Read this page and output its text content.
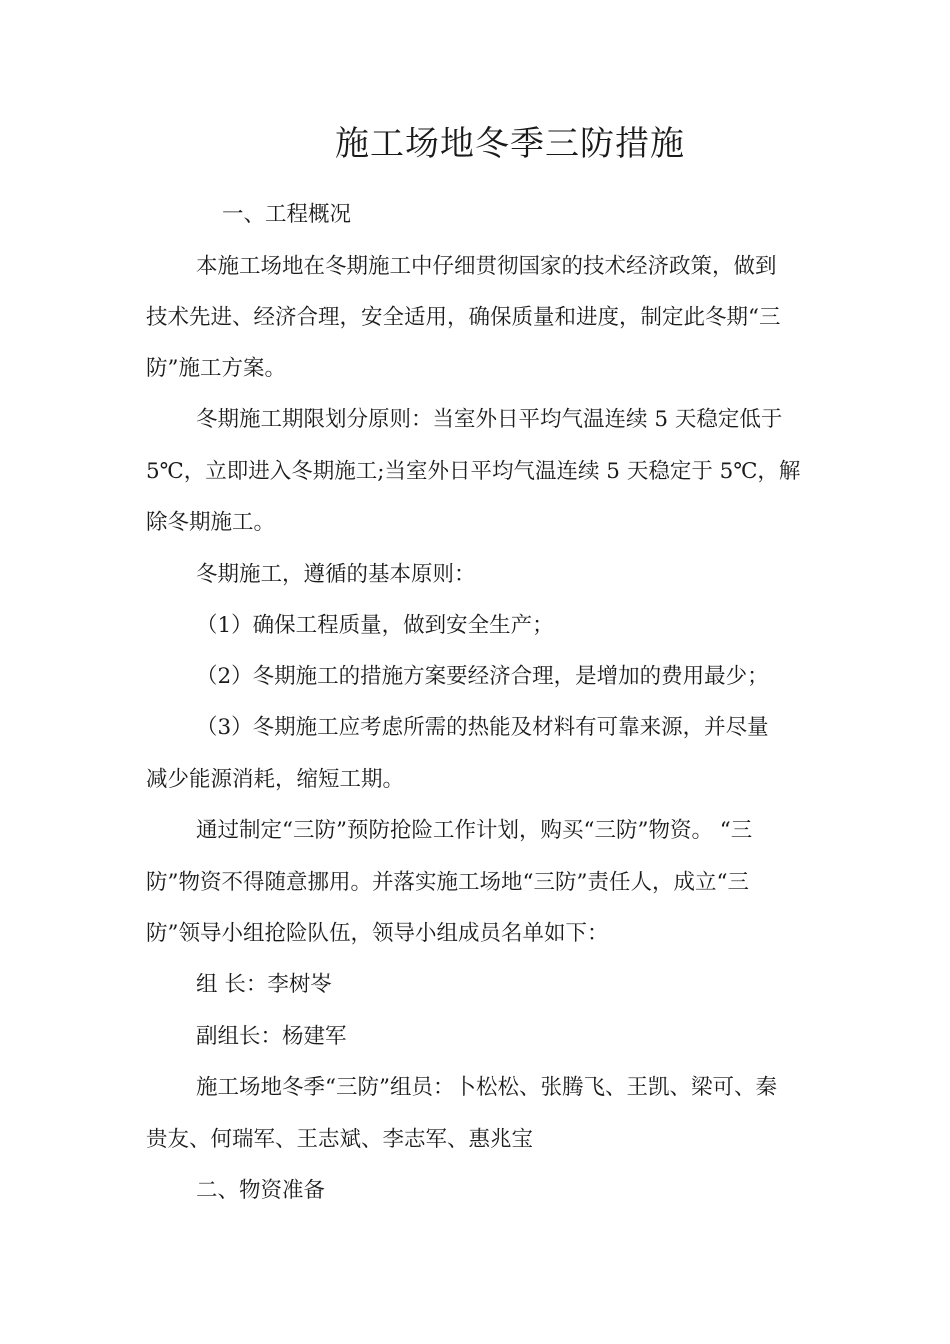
施工场地冬季三防措施

一、工程概况

本施工场地在冬期施工中仔细贯彻国家的技术经济政策，做到

技术先进、经济合理，安全适用，确保质量和进度，制定此冬期“三

防”施工方案。

冬期施工期限划分原则：当室外日平均气温连续 5 天稳定低于

5℃，立即进入冬期施工;当室外日平均气温连续 5 天稳定于 5℃，解

除冬期施工。

冬期施工，遵循的基本原则：

（1）确保工程质量，做到安全生产；

（2）冬期施工的措施方案要经济合理，是增加的费用最少；

（3）冬期施工应考虑所需的热能及材料有可靠来源，并尽量

减少能源消耗，缩短工期。

通过制定“三防”预防抢险工作计划，购买“三防”物资。 “三

防”物资不得随意挪用。并落实施工场地“三防”责任人，成立“三

防”领导小组抢险队伍，领导小组成员名单如下：

组 长：李树岺

副组长：杨建军

施工场地冬季“三防”组员：卜松松、张腾飞、王凯、梁可、秦

贵友、何瑞军、王志斌、李志军、惠兆宝

二、物资准备
